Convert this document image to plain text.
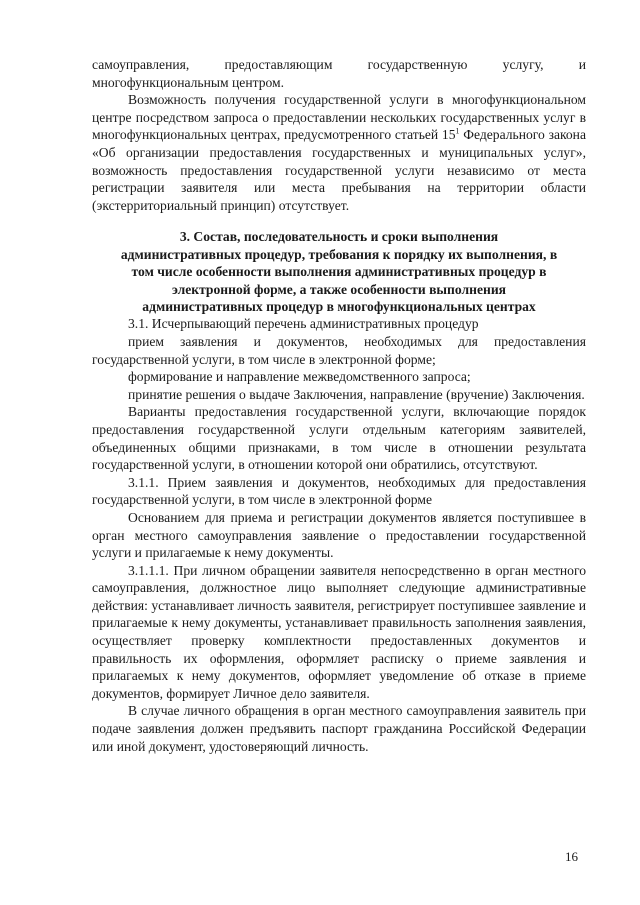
самоуправления, предоставляющим государственную услугу, и многофункциональным центром.

Возможность получения государственной услуги в многофункциональном центре посредством запроса о предоставлении нескольких государственных услуг в многофункциональных центрах, предусмотренного статьей $15^1$ Федерального закона «Об организации предоставления государственных и муниципальных услуг», возможность предоставления государственной услуги независимо от места регистрации заявителя или места пребывания на территории области (экстерриториальный принцип) отсутствует.

3. Состав, последовательность и сроки выполнения
административных процедур, требования к порядку их выполнения, в
том числе особенности выполнения административных процедур в
электронной форме, а также особенности выполнения
административных процедур в многофункциональных центрах

3.1. Исчерпывающий перечень административных процедур

прием заявления и документов, необходимых для предоставления государственной услуги, в том числе в электронной форме;

формирование и направление межведомственного запроса;

принятие решения о выдаче Заключения, направление (вручение) Заключения.

Варианты предоставления государственной услуги, включающие порядок предоставления государственной услуги отдельным категориям заявителей, объединенных общими признаками, в том числе в отношении результата государственной услуги, в отношении которой они обратились, отсутствуют.

3.1.1. Прием заявления и документов, необходимых для предоставления государственной услуги, в том числе в электронной форме

Основанием для приема и регистрации документов является поступившее в орган местного самоуправления заявление о предоставлении государственной услуги и прилагаемые к нему документы.

3.1.1.1. При личном обращении заявителя непосредственно в орган местного самоуправления, должностное лицо выполняет следующие административные действия: устанавливает личность заявителя, регистрирует поступившее заявление и прилагаемые к нему документы, устанавливает правильность заполнения заявления, осуществляет проверку комплектности предоставленных документов и правильность их оформления, оформляет расписку о приеме заявления и прилагаемых к нему документов, оформляет уведомление об отказе в приеме документов, формирует Личное дело заявителя.

В случае личного обращения в орган местного самоуправления заявитель при подаче заявления должен предъявить паспорт гражданина Российской Федерации или иной документ, удостоверяющий личность.

16
